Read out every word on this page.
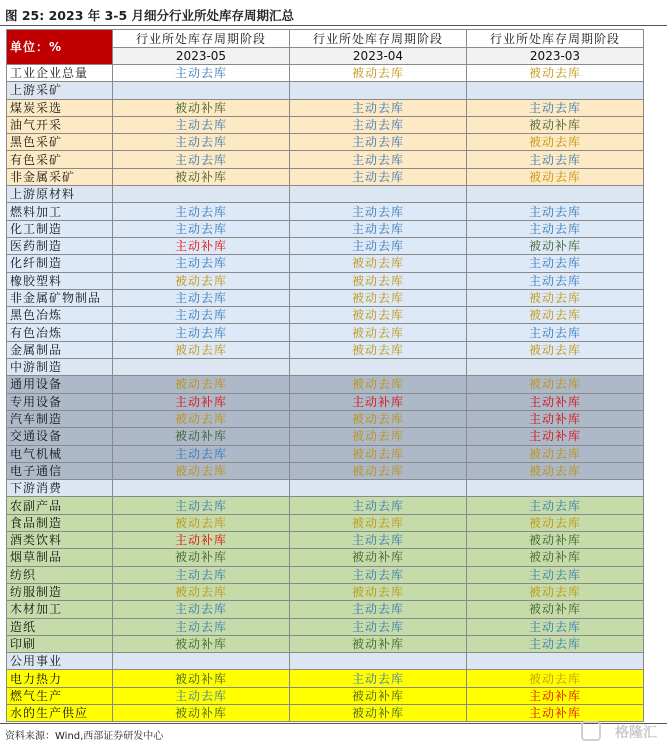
图 25: 2023 年 3-5 月细分行业所处库存周期汇总
单位：%	行业所处库存周期阶段	行业所处库存周期阶段	行业所处库存周期阶段
	2023-05	2023-04	2023-03
工业企业总量	主动去库	被动去库	被动去库
上游采矿			
煤炭采选	被动补库	主动去库	主动去库
油气开采	主动去库	主动去库	被动补库
黑色采矿	主动去库	主动去库	被动去库
有色采矿	主动去库	主动去库	主动去库
非金属采矿	被动补库	主动去库	被动去库
上游原材料			
燃料加工	主动去库	主动去库	主动去库
化工制造	主动去库	主动去库	主动去库
医药制造	主动补库	主动去库	被动补库
化纤制造	主动去库	被动去库	主动去库
橡胶塑料	被动去库	被动去库	主动去库
非金属矿物制品	主动去库	被动去库	被动去库
黑色冶炼	主动去库	被动去库	被动去库
有色冶炼	主动去库	被动去库	主动去库
金属制品	被动去库	被动去库	被动去库
中游制造			
通用设备	被动去库	被动去库	被动去库
专用设备	主动补库	主动补库	主动补库
汽车制造	被动去库	被动去库	主动补库
交通设备	被动补库	被动去库	主动补库
电气机械	主动去库	被动去库	被动去库
电子通信	被动去库	被动去库	被动去库
下游消费			
农副产品	主动去库	主动去库	主动去库
食品制造	被动去库	被动去库	被动去库
酒类饮料	主动补库	主动去库	被动补库
烟草制品	被动补库	被动补库	被动补库
纺织	主动去库	主动去库	主动去库
纺服制造	被动去库	被动去库	被动去库
木材加工	主动去库	主动去库	被动补库
造纸	主动去库	主动去库	主动去库
印刷	被动补库	被动补库	主动去库
公用事业			
电力热力	被动补库	主动去库	被动去库
燃气生产	主动去库	被动补库	主动补库
水的生产供应	被动补库	被动补库	主动补库
资料来源：Wind,西部证券研发中心	格隆汇
